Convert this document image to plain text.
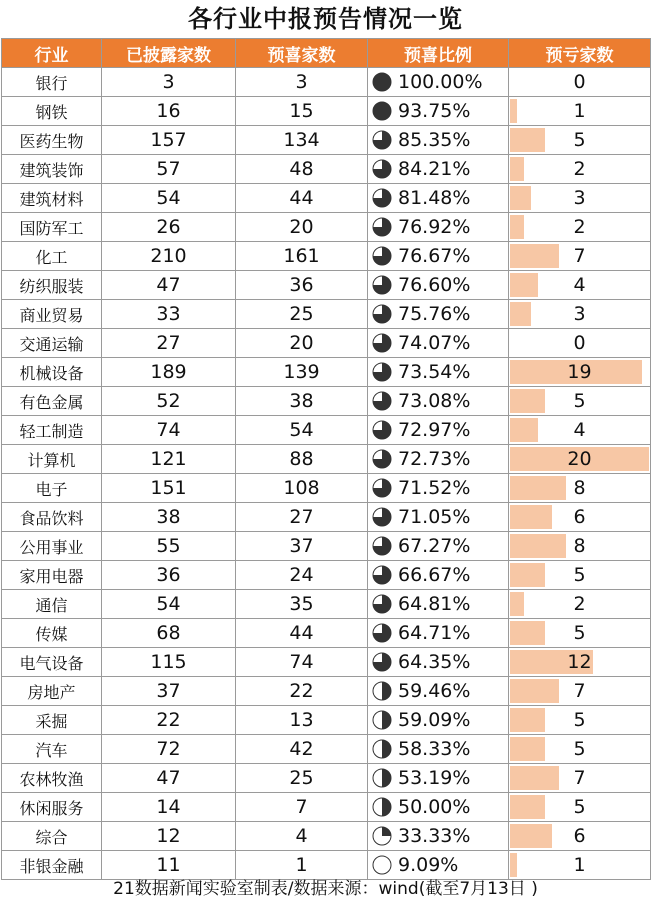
各行业中报预告情况一览
行业	已披露家数	预喜家数	预喜比例	预亏家数
银行	3	3	100.00%	0
钢铁	16	15	93.75%	1
医药生物	157	134	85.35%	5
建筑装饰	57	48	84.21%	2
建筑材料	54	44	81.48%	3
国防军工	26	20	76.92%	2
化工	210	161	76.67%	7
纺织服装	47	36	76.60%	4
商业贸易	33	25	75.76%	3
交通运输	27	20	74.07%	0
机械设备	189	139	73.54%	19
有色金属	52	38	73.08%	5
轻工制造	74	54	72.97%	4
计算机	121	88	72.73%	20
电子	151	108	71.52%	8
食品饮料	38	27	71.05%	6
公用事业	55	37	67.27%	8
家用电器	36	24	66.67%	5
通信	54	35	64.81%	2
传媒	68	44	64.71%	5
电气设备	115	74	64.35%	12
房地产	37	22	59.46%	7
采掘	22	13	59.09%	5
汽车	72	42	58.33%	5
农林牧渔	47	25	53.19%	7
休闲服务	14	7	50.00%	5
综合	12	4	33.33%	6
非银金融	11	1	9.09%	1
21数据新闻实验室制表/数据来源：wind(截至7月13日 )
